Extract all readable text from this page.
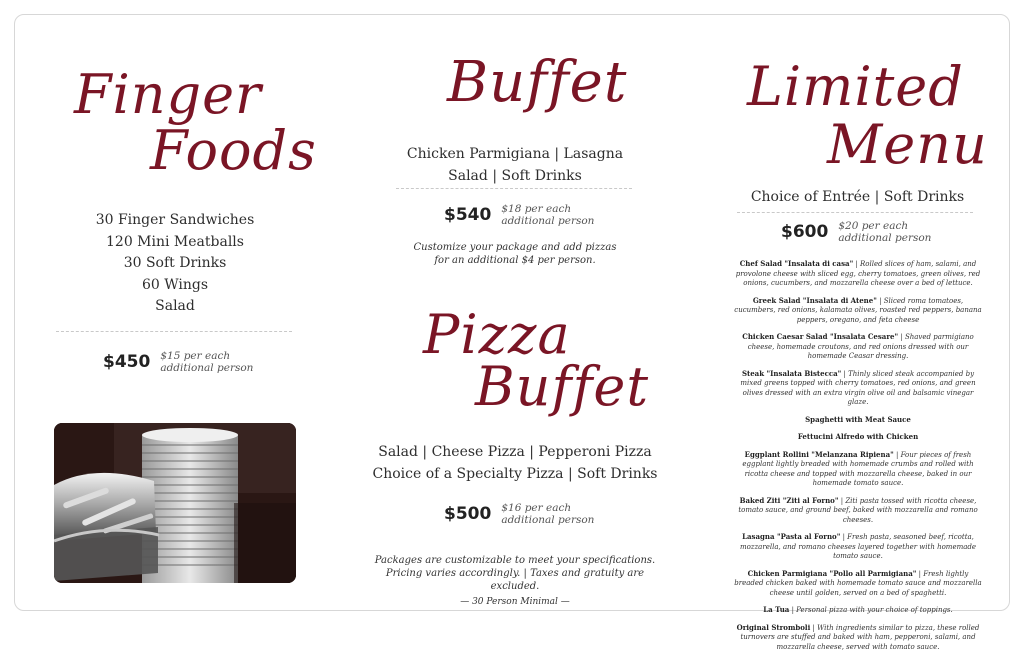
Finger
Foods
30 Finger Sandwiches
120 Mini Meatballs
30 Soft Drinks
60 Wings
Salad
$450 $15 per each
additional person
Buffet
Chicken Parmigiana | Lasagna
Salad | Soft Drinks
$540 $18 per each
additional person
Customize your package and add pizzas
for an additional $4 per person.
Pizza
Buffet
Salad | Cheese Pizza | Pepperoni Pizza
Choice of a Specialty Pizza | Soft Drinks
$500 $16 per each
additional person
Packages are customizable to meet your specifications.
Pricing varies accordingly. | Taxes and gratuity are excluded.
— 30 Person Minimal —
Limited
Menu
Choice of Entrée | Soft Drinks
$600 $20 per each
additional person
Chef Salad "Insalata di casa" | Rolled slices of ham, salami, and provolone cheese with sliced egg, cherry tomatoes, green olives, red onions, cucumbers, and mozzarella cheese over a bed of lettuce.
Greek Salad "Insalata di Atene" | Sliced roma tomatoes, cucumbers, red onions, kalamata olives, roasted red peppers, banana peppers, oregano, and feta cheese
Chicken Caesar Salad "Insalata Cesare" | Shaved parmigiano cheese, homemade croutons, and red onions dressed with our homemade Ceasar dressing.
Steak "Insalata Bistecca" | Thinly sliced steak accompanied by mixed greens topped with cherry tomatoes, red onions, and green olives dressed with an extra virgin olive oil and balsamic vinegar glaze.
Spaghetti with Meat Sauce
Fettucini Alfredo with Chicken
Eggplant Rollini "Melanzana Ripiena" | Four pieces of fresh eggplant lightly breaded with homemade crumbs and rolled with ricotta cheese and topped with mozzarella cheese, baked in our homemade tomato sauce.
Baked Ziti "Ziti al Forno" | Ziti pasta tossed with ricotta cheese, tomato sauce, and ground beef, baked with mozzarella and romano cheeses.
Lasagna "Pasta al Forno" | Fresh pasta, seasoned beef, ricotta, mozzarella, and romano cheeses layered together with homemade tomato sauce.
Chicken Parmigiana "Pollo all Parmigiana" | Fresh lightly breaded chicken baked with homemade tomato sauce and mozzarella cheese until golden, served on a bed of spaghetti.
La Tua | Personal pizza with your choice of toppings.
Original Stromboli | With ingredients similar to pizza, these rolled turnovers are stuffed and baked with ham, pepperoni, salami, and mozzarella cheese, served with tomato sauce.
